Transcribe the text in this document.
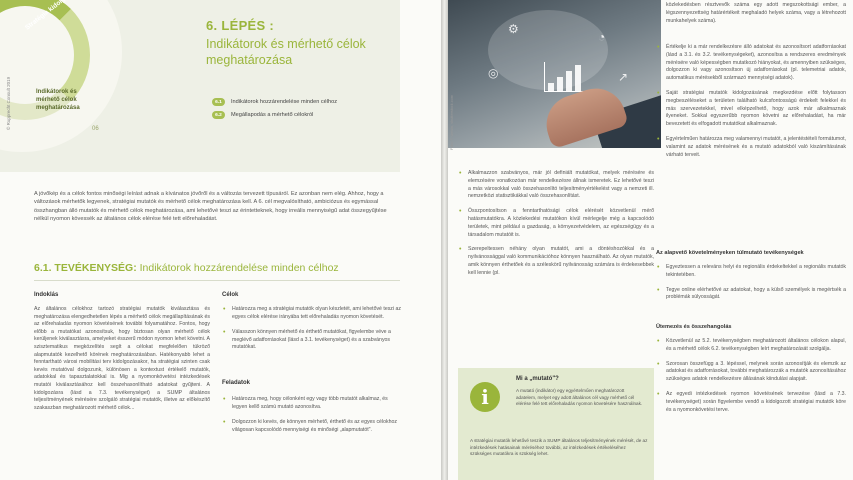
© Rupprecht Consult 2019	Indikátorok és mérhető célok meghatározása
06
6. LÉPÉS :
Indikátorok és mérhető célok meghatározása
6.1	Indikátorok hozzárendelése minden célhoz
6.2	Megállapodás a mérhető célokról

A jövőkép és a célok fontos minőségi leírást adnak a kívánatos jövőről és a változás tervezett típusáról. Ez azonban nem elég. Ahhoz, hogy a változások mérhetők legyenek, stratégiai mutatók és mérhető célok meghatározása kell. A 6. cél megvalósítható, ambiciózus és egymással összhangban álló mutatók és mérhető célok meghatározása, ami lehetővé teszi az érintetteknek, hogy irreális mennyiségű adat összegyűjtése nélkül nyomon kövessék az általános célok elérése felé tett előrehaladást.

6.1. TEVÉKENYSÉG: Indikátorok hozzárendelése minden célhoz
Indoklás

Az általános célokhoz tartozó stratégiai mutatók kiválasztása és meghatározása elengedhetetlen lépés a mérhető célok megállapításának és az előrehaladás nyomon követésének további folyamatához. Fontos, hogy előbb a mutatókat azonosítsuk, hogy biztosan olyan mérhető célok kerüljenek kiválasztásra, amelyeket ésszerű módon nyomon lehet követni. A szisztematikus megközelítés segít a célokat megfelelően tükröző alapmutatók kezelhető körének meghatározásában. Hatékonyabb lehet a fenntartható városi mobilitási terv kidolgozásakor, ha stratégiai szinten csak kevés mutatóval dolgozunk, különösen a kontextust értékelő mutatók, adatokkal és tapasztalatokkal is. Mig a nyomonkövetési intézkedések mutatói kiválasztásához kell összehasonlítható adatokat gyűjteni. A kidolgozásra (lásd a 7.3. tevékenységet) a SUMP általános teljesítményének mérésére szolgáló stratégiai mutatók, illetve az előkészítő szakaszban meghatározott mérhető célok...

Célok
• Határozza meg a stratégiai mutatók olyan készletét, ami lehetővé teszi az egyes célok elérése irányába tett előrehaladás nyomon követését.
• Válasszon könnyen mérhető és érthető mutatókat, figyelembe véve a meglévő adatforrásokat (lásd a 3.1. tevékenységet) és a szabványos mutatókat.
Feladatok
• Határozza meg, hogy célonként egy vagy több mutatót alkalmaz, és legyen kellő számú mutató azonosítva.
• Dolgozzon ki kevés, de könnyen mérhető, érthető és az egyes célokhoz világosan kapcsolódó mennyiségi és minőségi „alapmutatót".
⚙
◔
◎	↗
Fotó: © wewin, shutterstock.com
• Alkalmazzon szabványos, már jól definiált mutatókat, melyek mérésére és elemzésére vonatkozóan már rendelkezésre állnak ismeretek. Ez lehetővé teszi a más városokkal való összehasonlító teljesítményértékelést vagy a nemzeti ill. nemzetközi statisztikákkal való összehasonlítást.
• Összpontosítson a fenntarthatósági célok elérését közvetlenül mérő hatásmutatókra. A közlekedési mutatókon kívül mérlegelje még a kapcsolódó területek, mint például a gazdaság, a környezetvédelem, az egészségügy és a társadalom mutatóit is.
• Szerepeltessen néhány olyan mutatót, ami a döntéshozókkal és a nyilvánossággal való kommunikációhoz könnyen használható. Az olyan mutatók, amik könnyen érthetőek és a széleskörű nyilvánosság számára is érdekesebbek kell lennie (pl.
i
Mi a „mutató"?

A mutató (indikátor) egy egyértelműen meghatározott adatelem, melyet egy adott általános cél vagy mérhető cél elérése felé tett előrehaladás nyomon követésére használnak.

A stratégiai mutatók lehetővé teszik a SUMP általános teljesítményének mérését, de az intézkedések hatásainak méréséhez további, az intézkedések értékeléséhez szükséges mutatókra is szükség lehet.

közlekedésben résztvevők száma egy adott megszokottsági ember, a légszennyezettség határértékeit meghaladó helyek száma, vagy a létrehozott munkahelyek száma).

• Értékelje ki a már rendelkezésre álló adatokat és azonosítsort adatforrásokat (lásd a 3.1. és 3.2. tevékenységeket), azonosítsa a rendszeres eredmények mérésére való képességben mutatkozó hiányokat, és amennyiben szükséges, dolgozzon ki vagy azonosítson új adatforrásokat (pl. telemetriai adatok, automatikus mérésekből származó mennyiségi adatok).
• Saját stratégiai mutatók kidolgozásának megkezdése előtt folytasson megbeszéléseket a területen található kulcsfontosságú érdekelt felekkel és más szervezetekkel, mivel elképzelhető, hogy azok már alkalmaznak ilyeneket. Sokkal egyszerűbb nyomon követni az előrehaladást, ha már bevezetett és elfogadott mutatókat alkalmaznak.
• Egyértelműen határozza meg valamennyi mutatót, a jelentéstételi formátumot, valamint az adatok mérésének és a mutató adatokból való kiszámításának várható terveit.
Az alapvető követelményeken túlmutató tevékenységek
• Egyeztessen a releváns helyi és regionális érdekeltekkel a regionális mutatók tekintetében.
• Tegye online elérhetővé az adatokat, hogy a külső személyek is megértsék a problémák súlyosságát.
Ütemezés és összehangolás
• Közvetlenül az 5.2. tevékenységben meghatározott általános célokon alapul, és a mérhető célok 6.2. tevékenységben leírt meghatározását szolgálja.
• Szorosan összefügg a 3. lépéssel, melynek során azonosítják és elemzik az adatokat és adatforrásokat, további meghatározzák a mutatók azonosításához szükséges adatok rendelkezésre állásának kiindulási alapjait.
• Az egyedi intézkedések nyomon követésének tervezése (lásd a 7.3. tevékenységet) során figyelembe vendő a kidolgozott stratégiai mutatók köre és a nyomonkövetési terve.
